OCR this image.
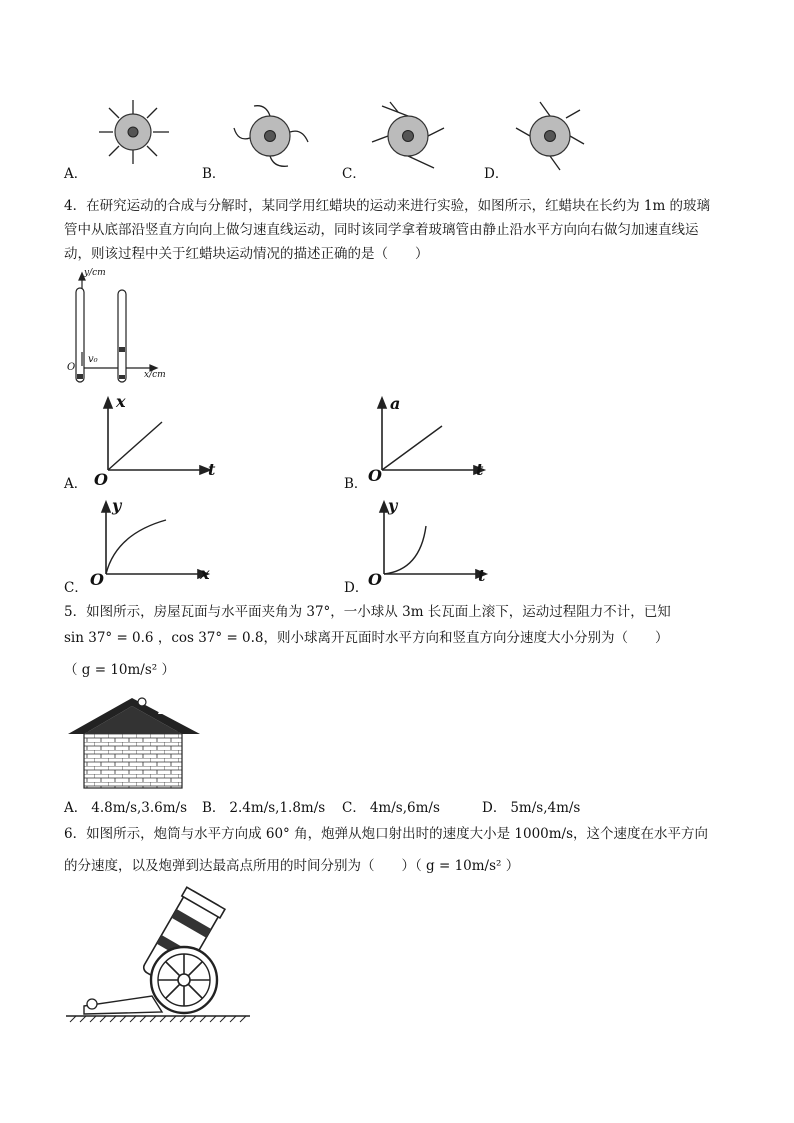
A．	B．	C．	D．
4．在研究运动的合成与分解时，某同学用红蜡块的运动来进行实验，如图所示，红蜡块在长约为 1m 的玻璃
管中从底部沿竖直方向向上做匀速直线运动，同时该同学拿着玻璃管由静止沿水平方向向右做匀加速直线运
动，则该过程中关于红蜡块运动情况的描述正确的是（　　）
y/cm
x/cm
O
v₀
x
t
O
A．
a
t
O
B．
y
x
O
C．
y
t
O
D．
5．如图所示，房屋瓦面与水平面夹角为 37°，一小球从 3m 长瓦面上滚下，运动过程阻力不计，已知
sin 37° = 0.6 ，cos 37° = 0.8，则小球离开瓦面时水平方向和竖直方向分速度大小分别为（　　）
（ g = 10m/s² ）
A． 4.8m/s,3.6m/s B． 2.4m/s,1.8m/s C． 4m/s,6m/s	D． 5m/s,4m/s
6．如图所示，炮筒与水平方向成 60° 角，炮弹从炮口射出时的速度大小是 1000m/s，这个速度在水平方向
的分速度，以及炮弹到达最高点所用的时间分别为（　　）（ g = 10m/s² ）
